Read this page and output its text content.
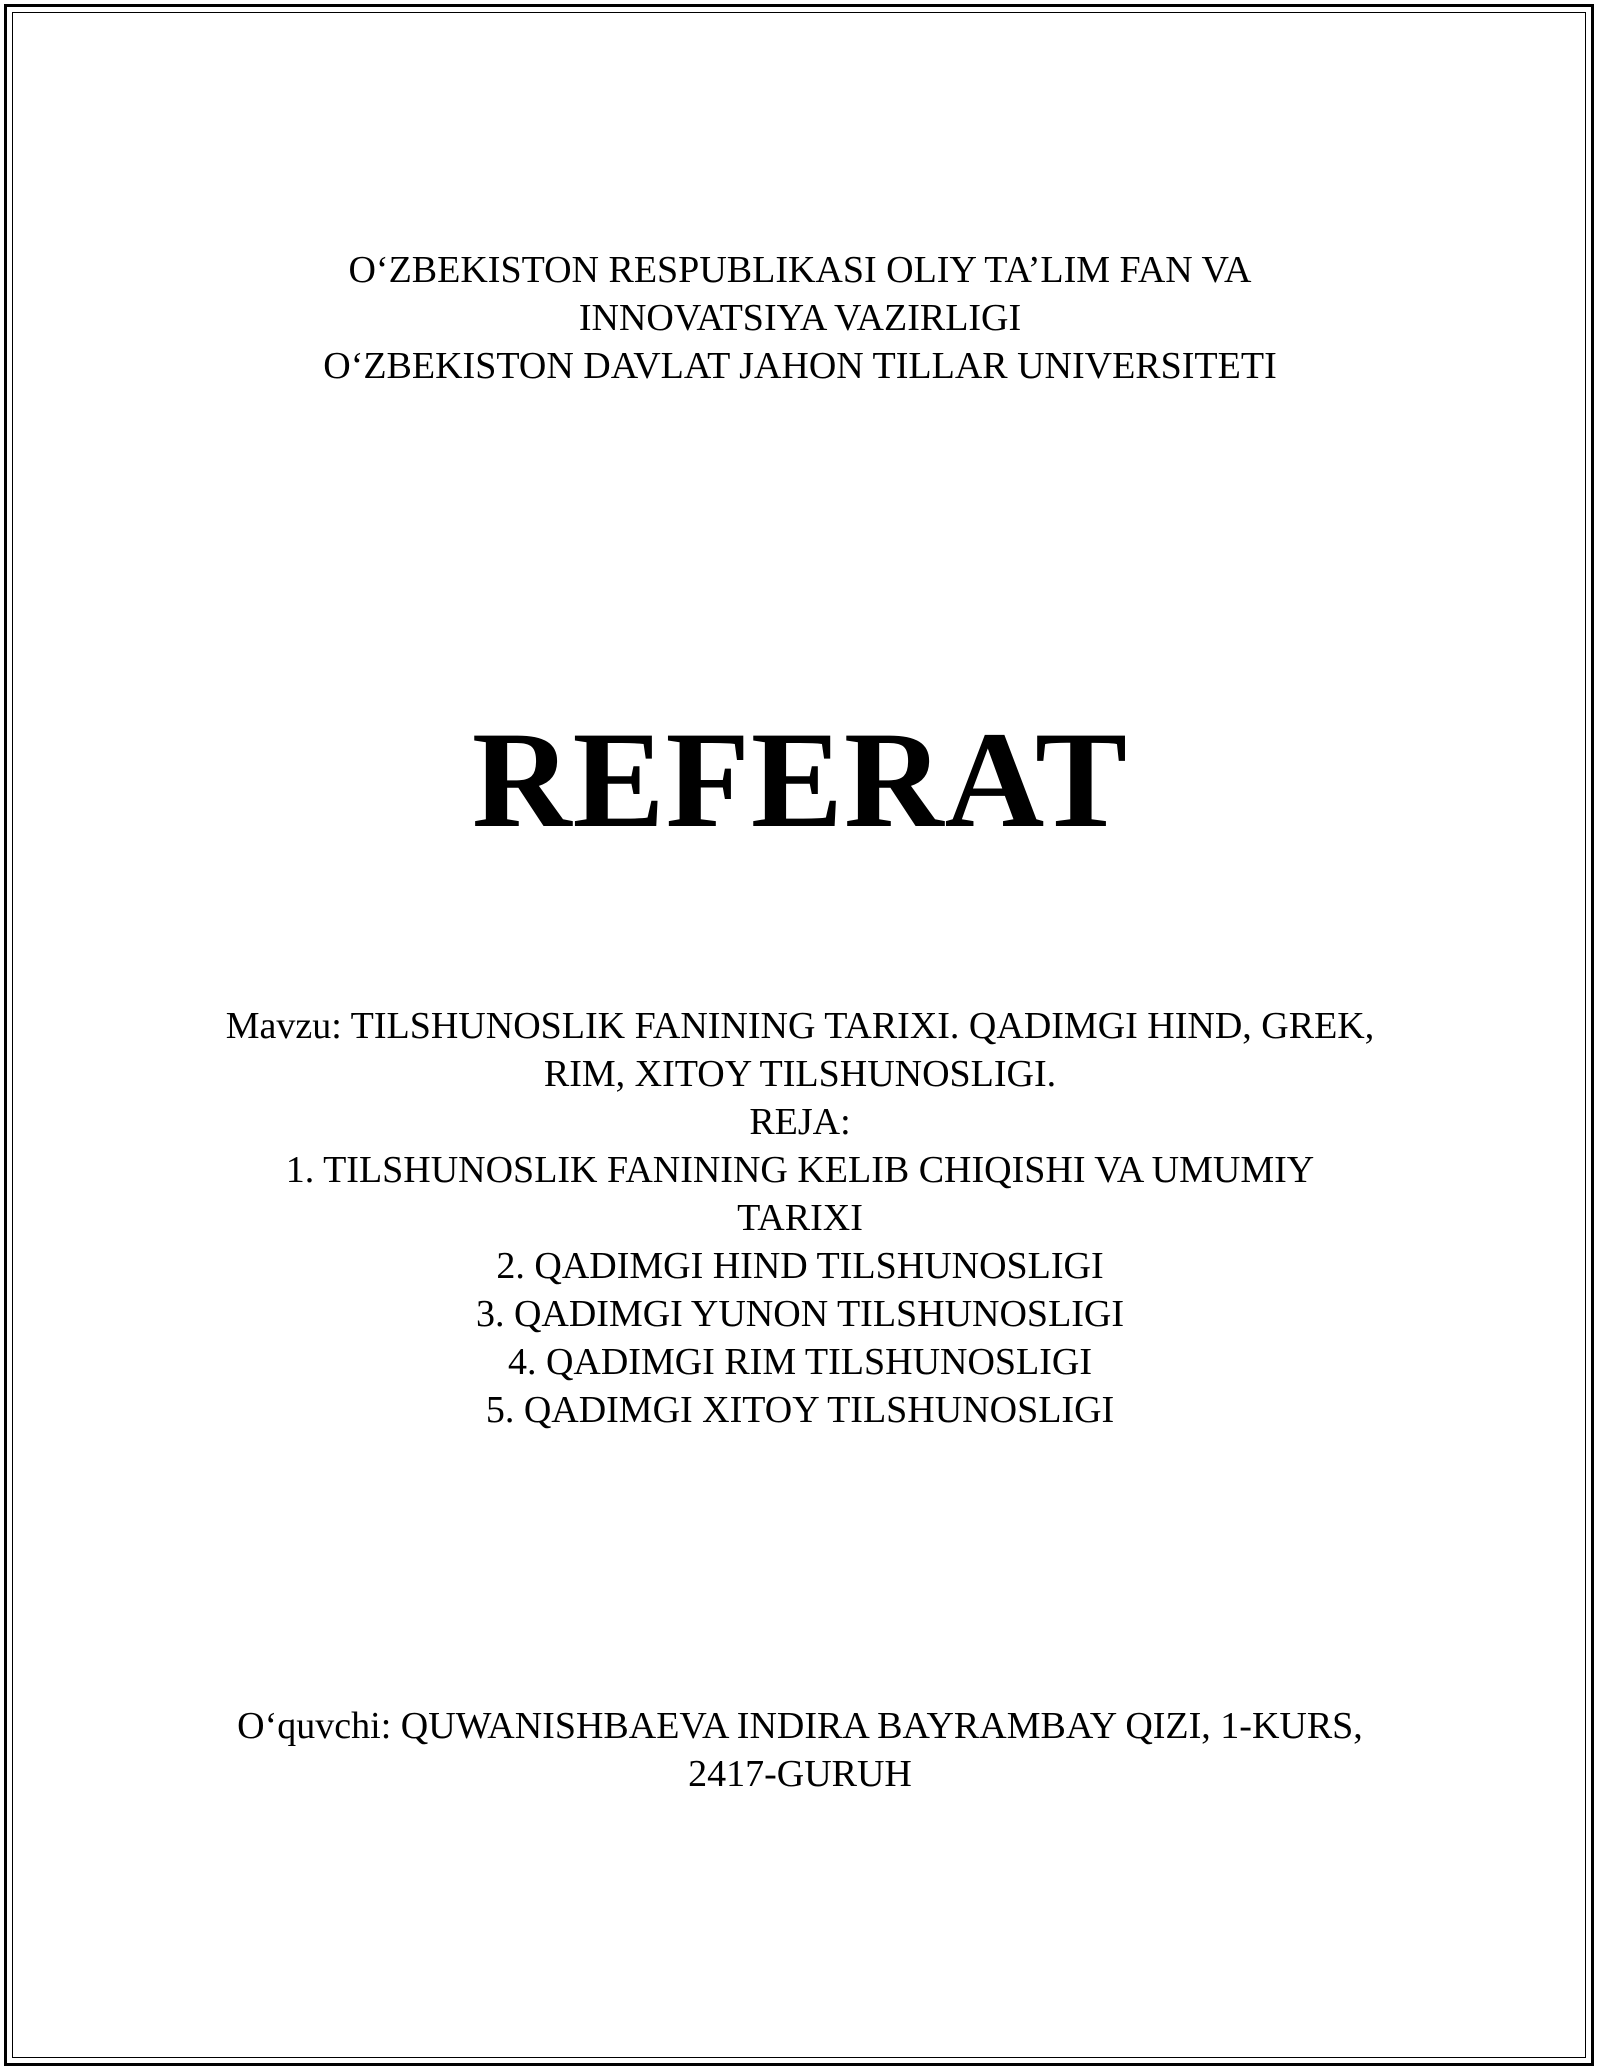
O‘ZBEKISTON RESPUBLIKASI OLIY TA’LIM FAN VA
INNOVATSIYA VAZIRLIGI
O‘ZBEKISTON DAVLAT JAHON TILLAR UNIVERSITETI
REFERAT
Mavzu: TILSHUNOSLIK FANINING TARIXI. QADIMGI HIND, GREK,
RIM, XITOY TILSHUNOSLIGI.
REJA:
1. TILSHUNOSLIK FANINING KELIB CHIQISHI VA UMUMIY
TARIXI
2. QADIMGI HIND TILSHUNOSLIGI
3. QADIMGI YUNON TILSHUNOSLIGI
4. QADIMGI RIM TILSHUNOSLIGI
5. QADIMGI XITOY TILSHUNOSLIGI
O‘quvchi: QUWANISHBAEVA INDIRA BAYRAMBAY QIZI, 1-KURS,
2417-GURUH
